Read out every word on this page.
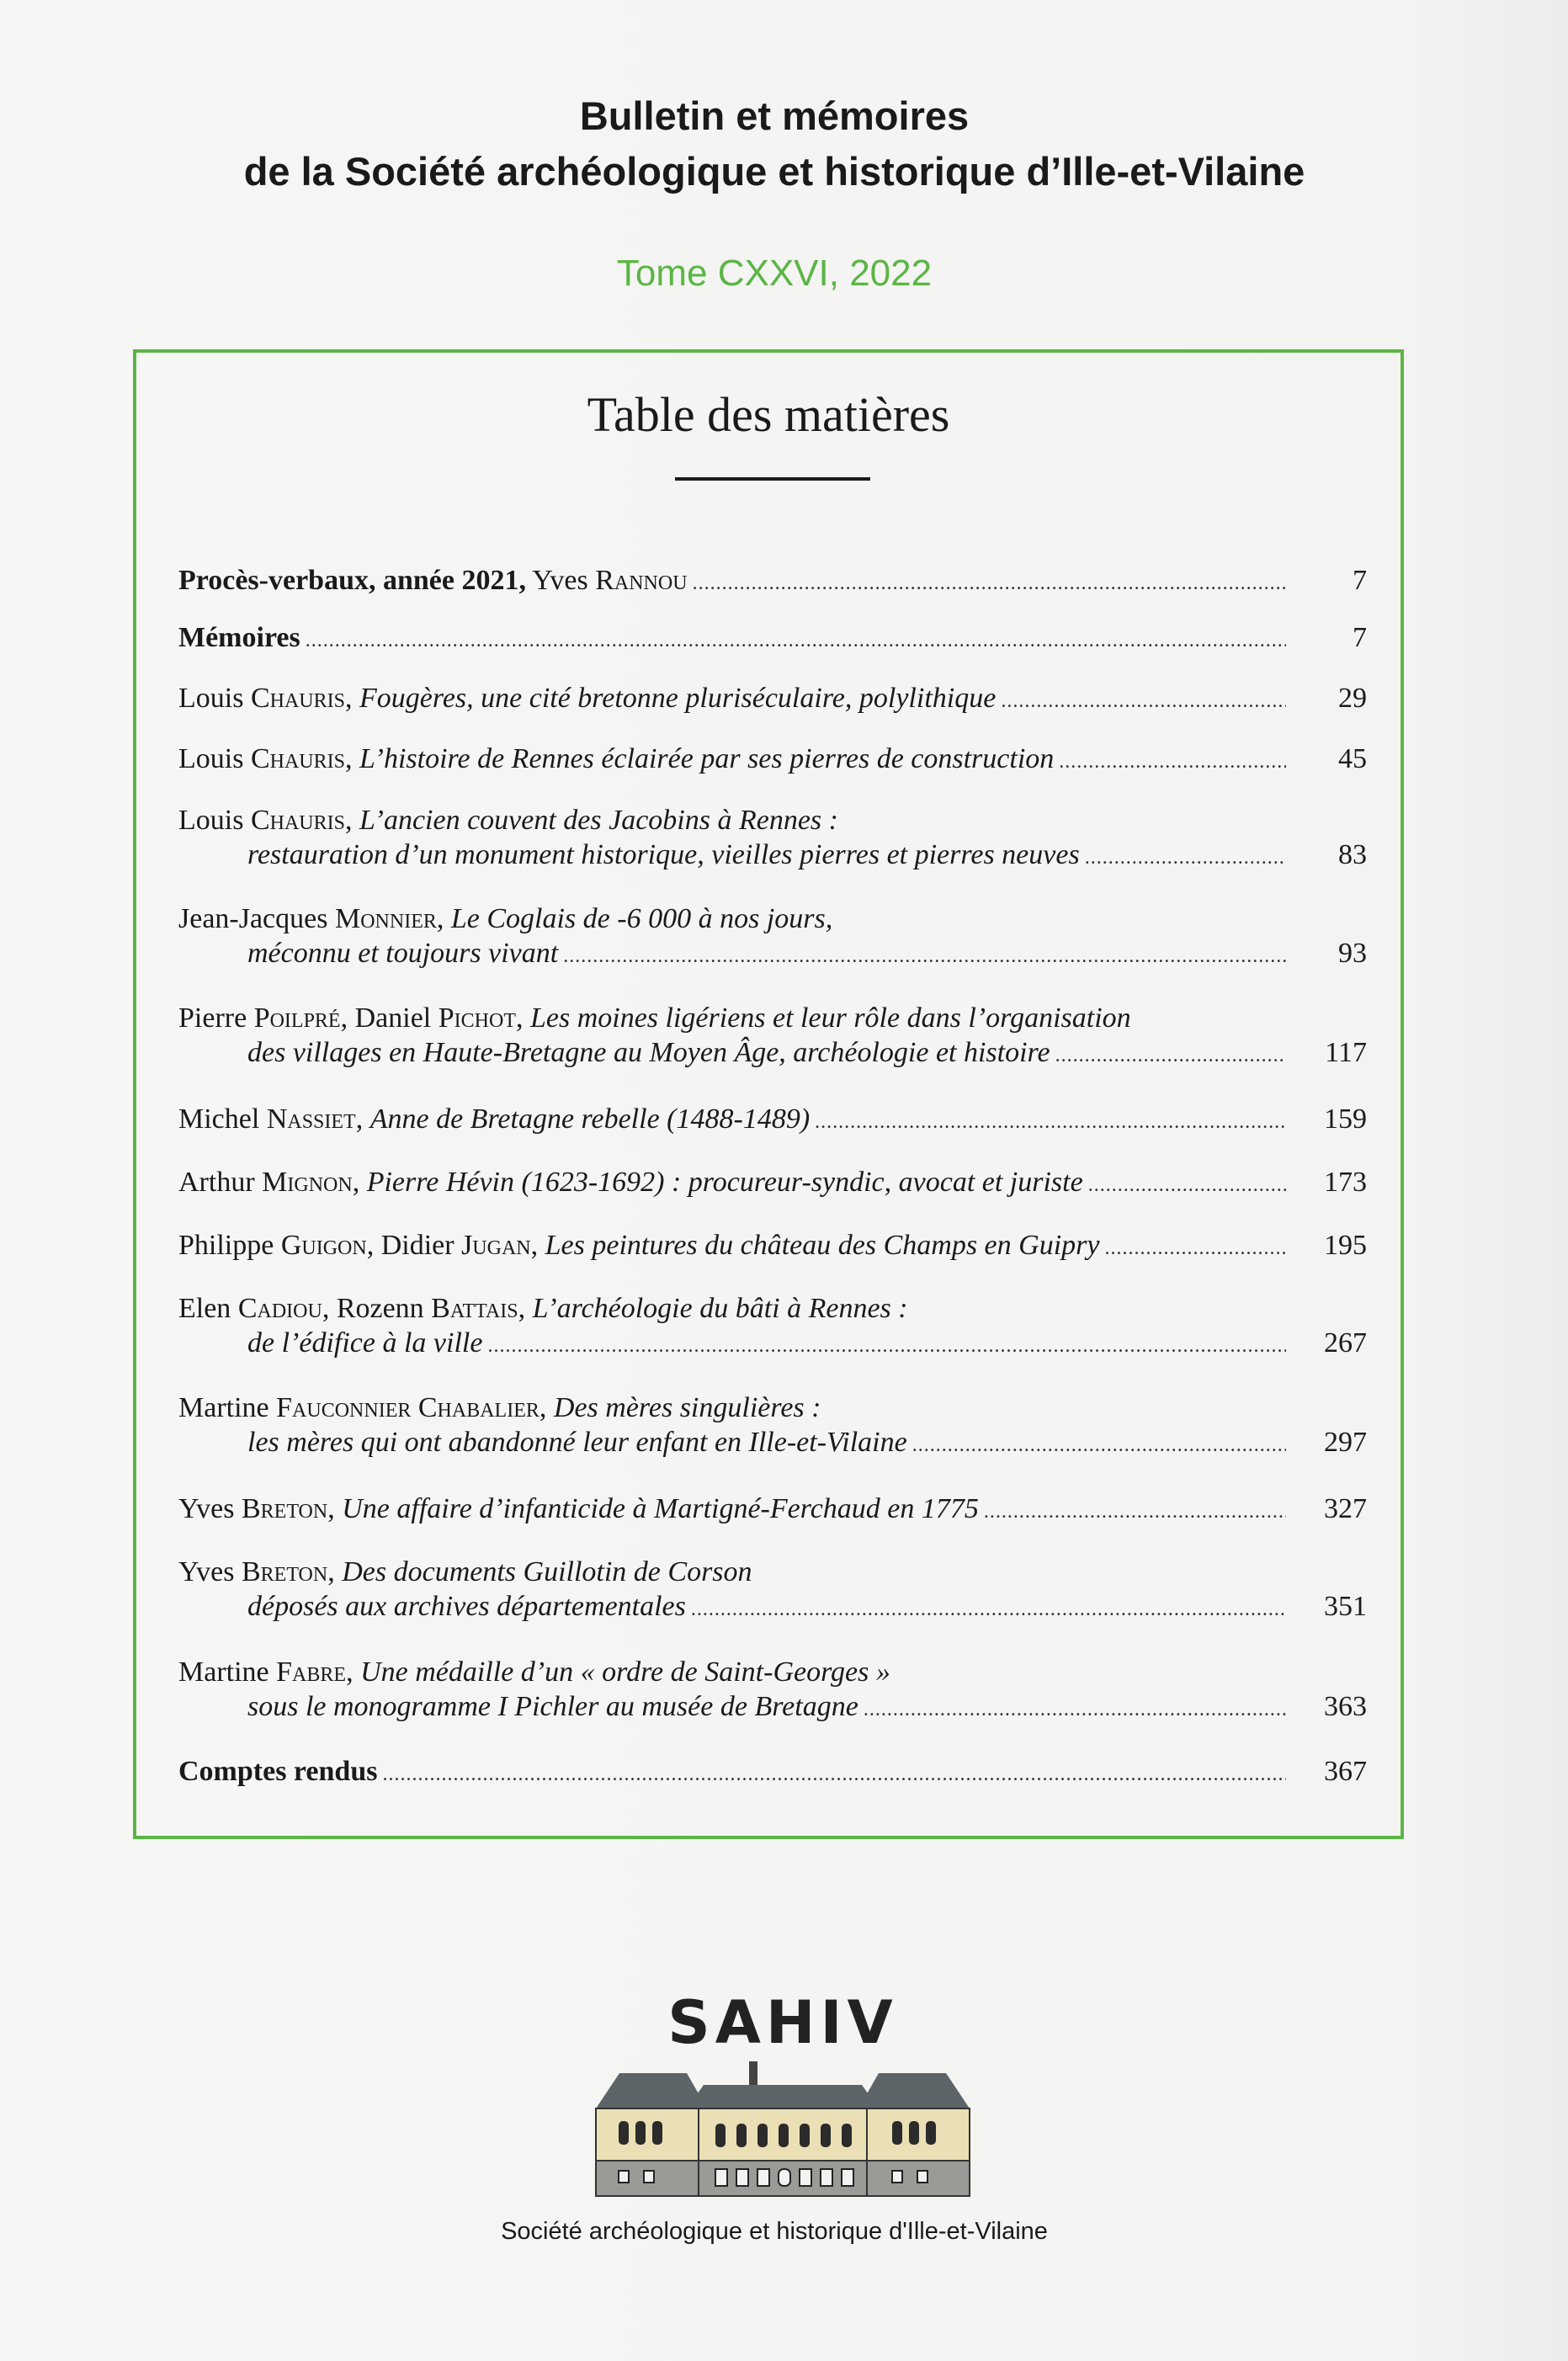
Bulletin et mémoires
de la Société archéologique et historique d’Ille-et-Vilaine
Tome CXXVI, 2022
Table des matières
Procès-verbaux, année 2021, Yves Rannou .....	7
Mémoires .....	7
Louis Chauris, Fougères, une cité bretonne pluriséculaire, polylithique .....	29
Louis Chauris, L’histoire de Rennes éclairée par ses pierres de construction .....	45
Louis Chauris, L’ancien couvent des Jacobins à Rennes :
restauration d’un monument historique, vieilles pierres et pierres neuves .....	83
Jean-Jacques Monnier, Le Coglais de -6 000 à nos jours,
méconnu et toujours vivant .....	93
Pierre Poilpré, Daniel Pichot, Les moines ligériens et leur rôle dans l’organisation
des villages en Haute-Bretagne au Moyen Âge, archéologie et histoire .....	117
Michel Nassiet, Anne de Bretagne rebelle (1488-1489) .....	159
Arthur Mignon, Pierre Hévin (1623-1692) : procureur-syndic, avocat et juriste .....	173
Philippe Guigon, Didier Jugan, Les peintures du château des Champs en Guipry .....	195
Elen Cadiou, Rozenn Battais, L’archéologie du bâti à Rennes :
de l’édifice à la ville .....	267
Martine Fauconnier Chabalier, Des mères singulières :
les mères qui ont abandonné leur enfant en Ille-et-Vilaine .....	297
Yves Breton, Une affaire d’infanticide à Martigné-Ferchaud en 1775 .....	327
Yves Breton, Des documents Guillotin de Corson
déposés aux archives départementales .....	351
Martine Fabre, Une médaille d’un « ordre de Saint-Georges »
sous le monogramme I Pichler au musée de Bretagne .....	363
Comptes rendus .....	367
SAHIV
Société archéologique et historique d'Ille-et-Vilaine
